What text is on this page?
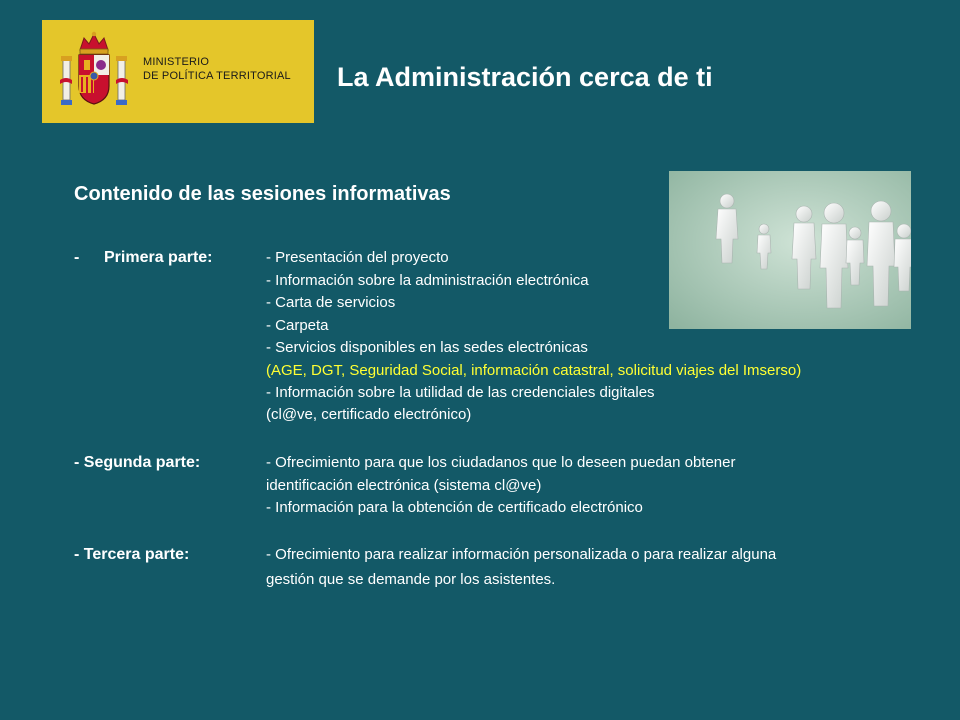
MINISTERIO
DE POLÍTICA TERRITORIAL La Administración cerca de ti
Contenido de las sesiones informativas
- Primera parte:	- Presentación del proyecto
- Información sobre la administración electrónica
- Carta de servicios
- Carpeta
- Servicios disponibles en las sedes electrónicas
(AGE, DGT, Seguridad Social, información catastral, solicitud viajes del Imserso)
- Información sobre la utilidad de las credenciales digitales
(cl@ve, certificado electrónico)
- Segunda parte:	- Ofrecimiento para que los ciudadanos que lo deseen puedan obtener
identificación electrónica (sistema cl@ve)
- Información para la obtención de certificado electrónico
- Tercera parte:	- Ofrecimiento para realizar información personalizada o para realizar alguna
gestión que se demande por los asistentes.
